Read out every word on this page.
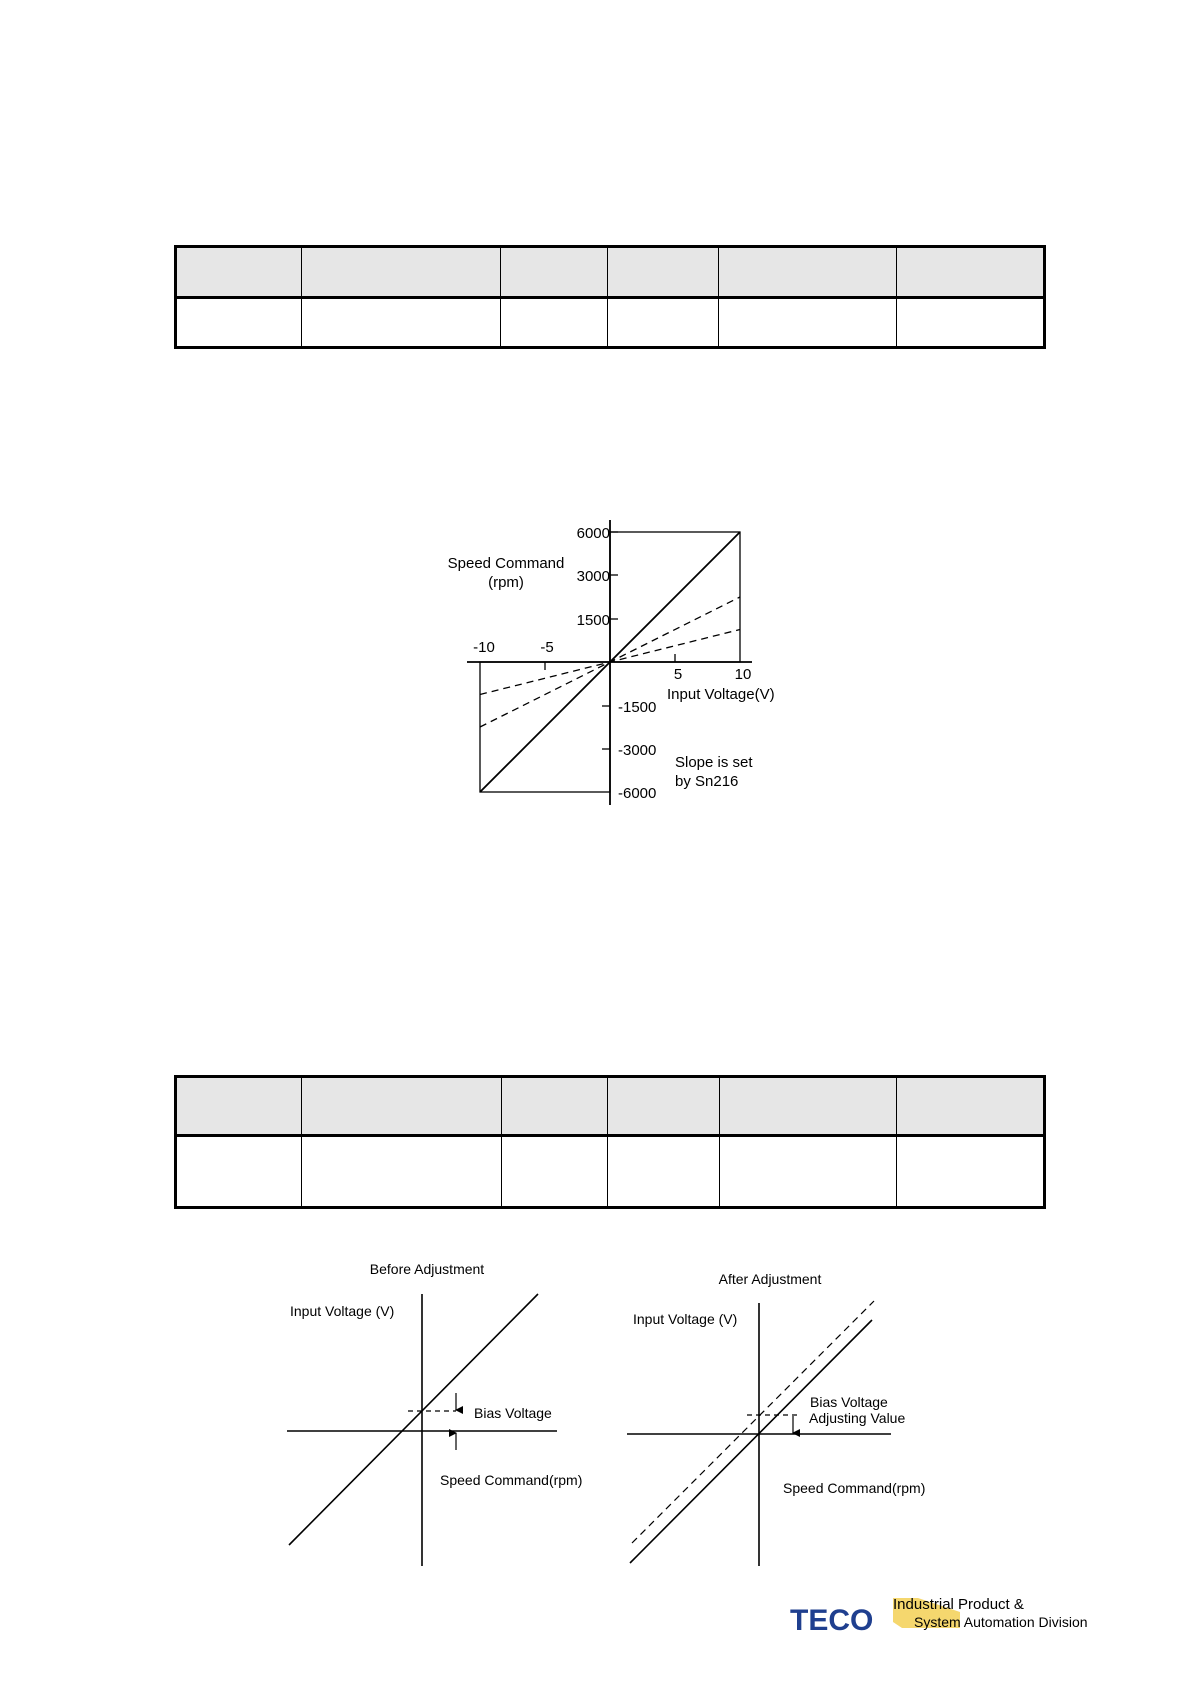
Speed Command
(rpm)
6000
3000
1500
-1500
-3000
-6000
-10	-5
5	10
Input Voltage(V)
Slope is set
by Sn216
Before Adjustment
Input Voltage (V)
Bias Voltage
Speed Command(rpm)
After Adjustment
Input Voltage (V)
Bias Voltage
Adjusting Value
Speed Command(rpm)
TECO Industrial Product &
System Automation Division
